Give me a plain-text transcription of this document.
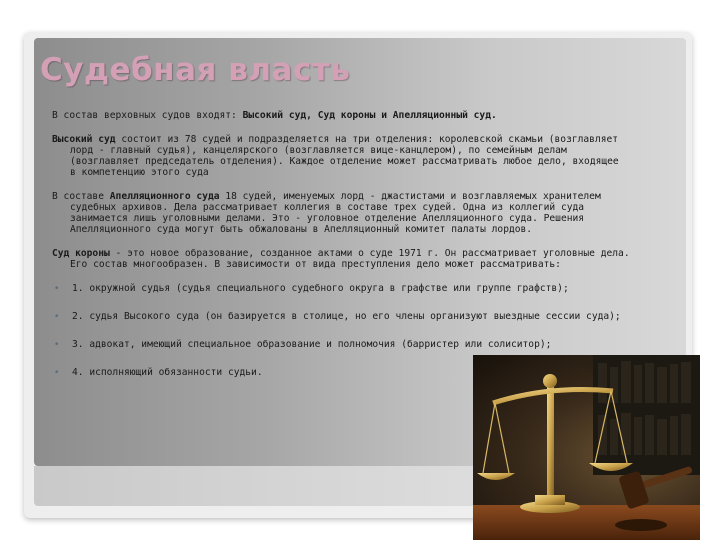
Судебная власть

В состав верховных судов входят: Высокий суд, Суд короны и Апелляционный суд.

Высокий суд состоит из 78 судей и подразделяется на три отделения: королевской скамьи (возглавляет
лорд - главный судья), канцелярского (возглавляется вице-канцлером), по семейным делам
(возглавляет председатель отделения). Каждое отделение может рассматривать любое дело, входящее
в компетенцию этого суда

В составе Апелляционного суда 18 судей, именуемых лорд - джастистами и возглавляемых хранителем
судебных архивов. Дела рассматривает коллегия в составе трех судей. Одна из коллегий суда
занимается лишь уголовными делами. Это - уголовное отделение Апелляционного суда. Решения
Апелляционного суда могут быть обжалованы в Апелляционный комитет палаты лордов.

Суд короны - это новое образование, созданное актами о суде 1971 г. Он рассматривает уголовные дела.
Его состав многообразен. В зависимости от вида преступления дело может рассматривать:

•	1. окружной судья (судья специального судебного округа в графстве или группе графств);
•	2. судья Высокого суда (он базируется в столице, но его члены организуют выездные сессии суда);
•	3. адвокат, имеющий специальное образование и полномочия (барристер или солиситор);
•	4. исполняющий обязанности судьи.
